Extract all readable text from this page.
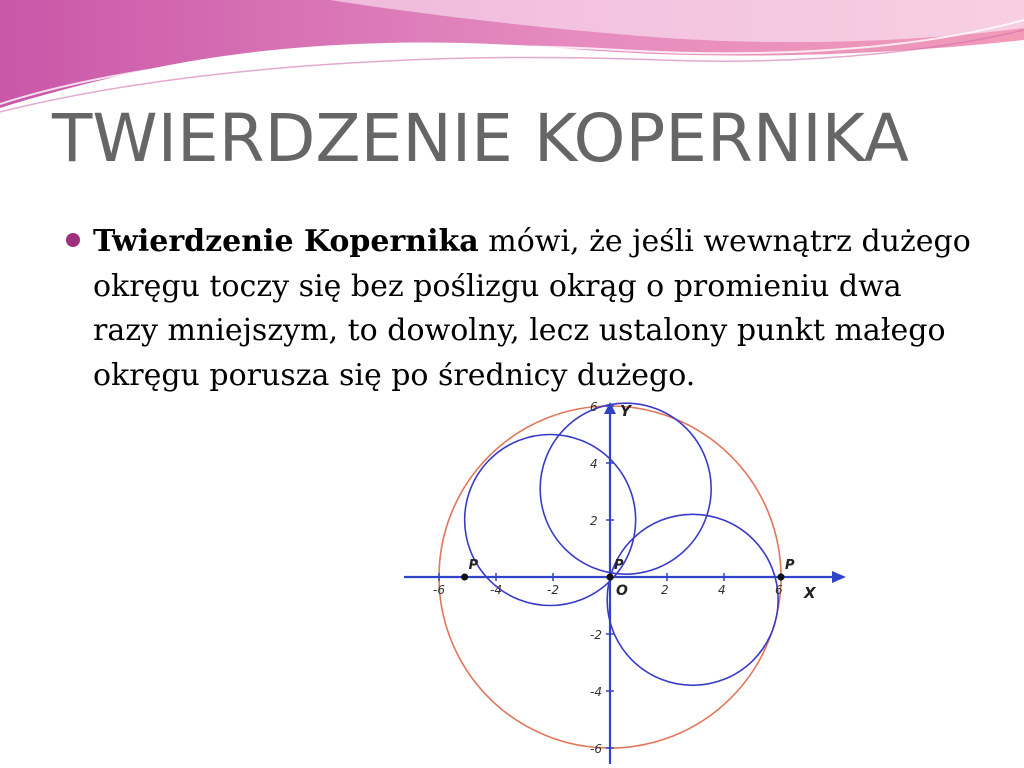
TWIERDZENIE KOPERNIKA
Twierdzenie Kopernika mówi, że jeśli wewnątrz dużego okręgu toczy się bez poślizgu okrąg o promieniu dwa razy mniejszym, to dowolny, lecz ustalony punkt małego okręgu porusza się po średnicy dużego.
X
Y
O
-6	-4	-2	2	4	6
6
4
2
-2
-4
-6
P	P	P
